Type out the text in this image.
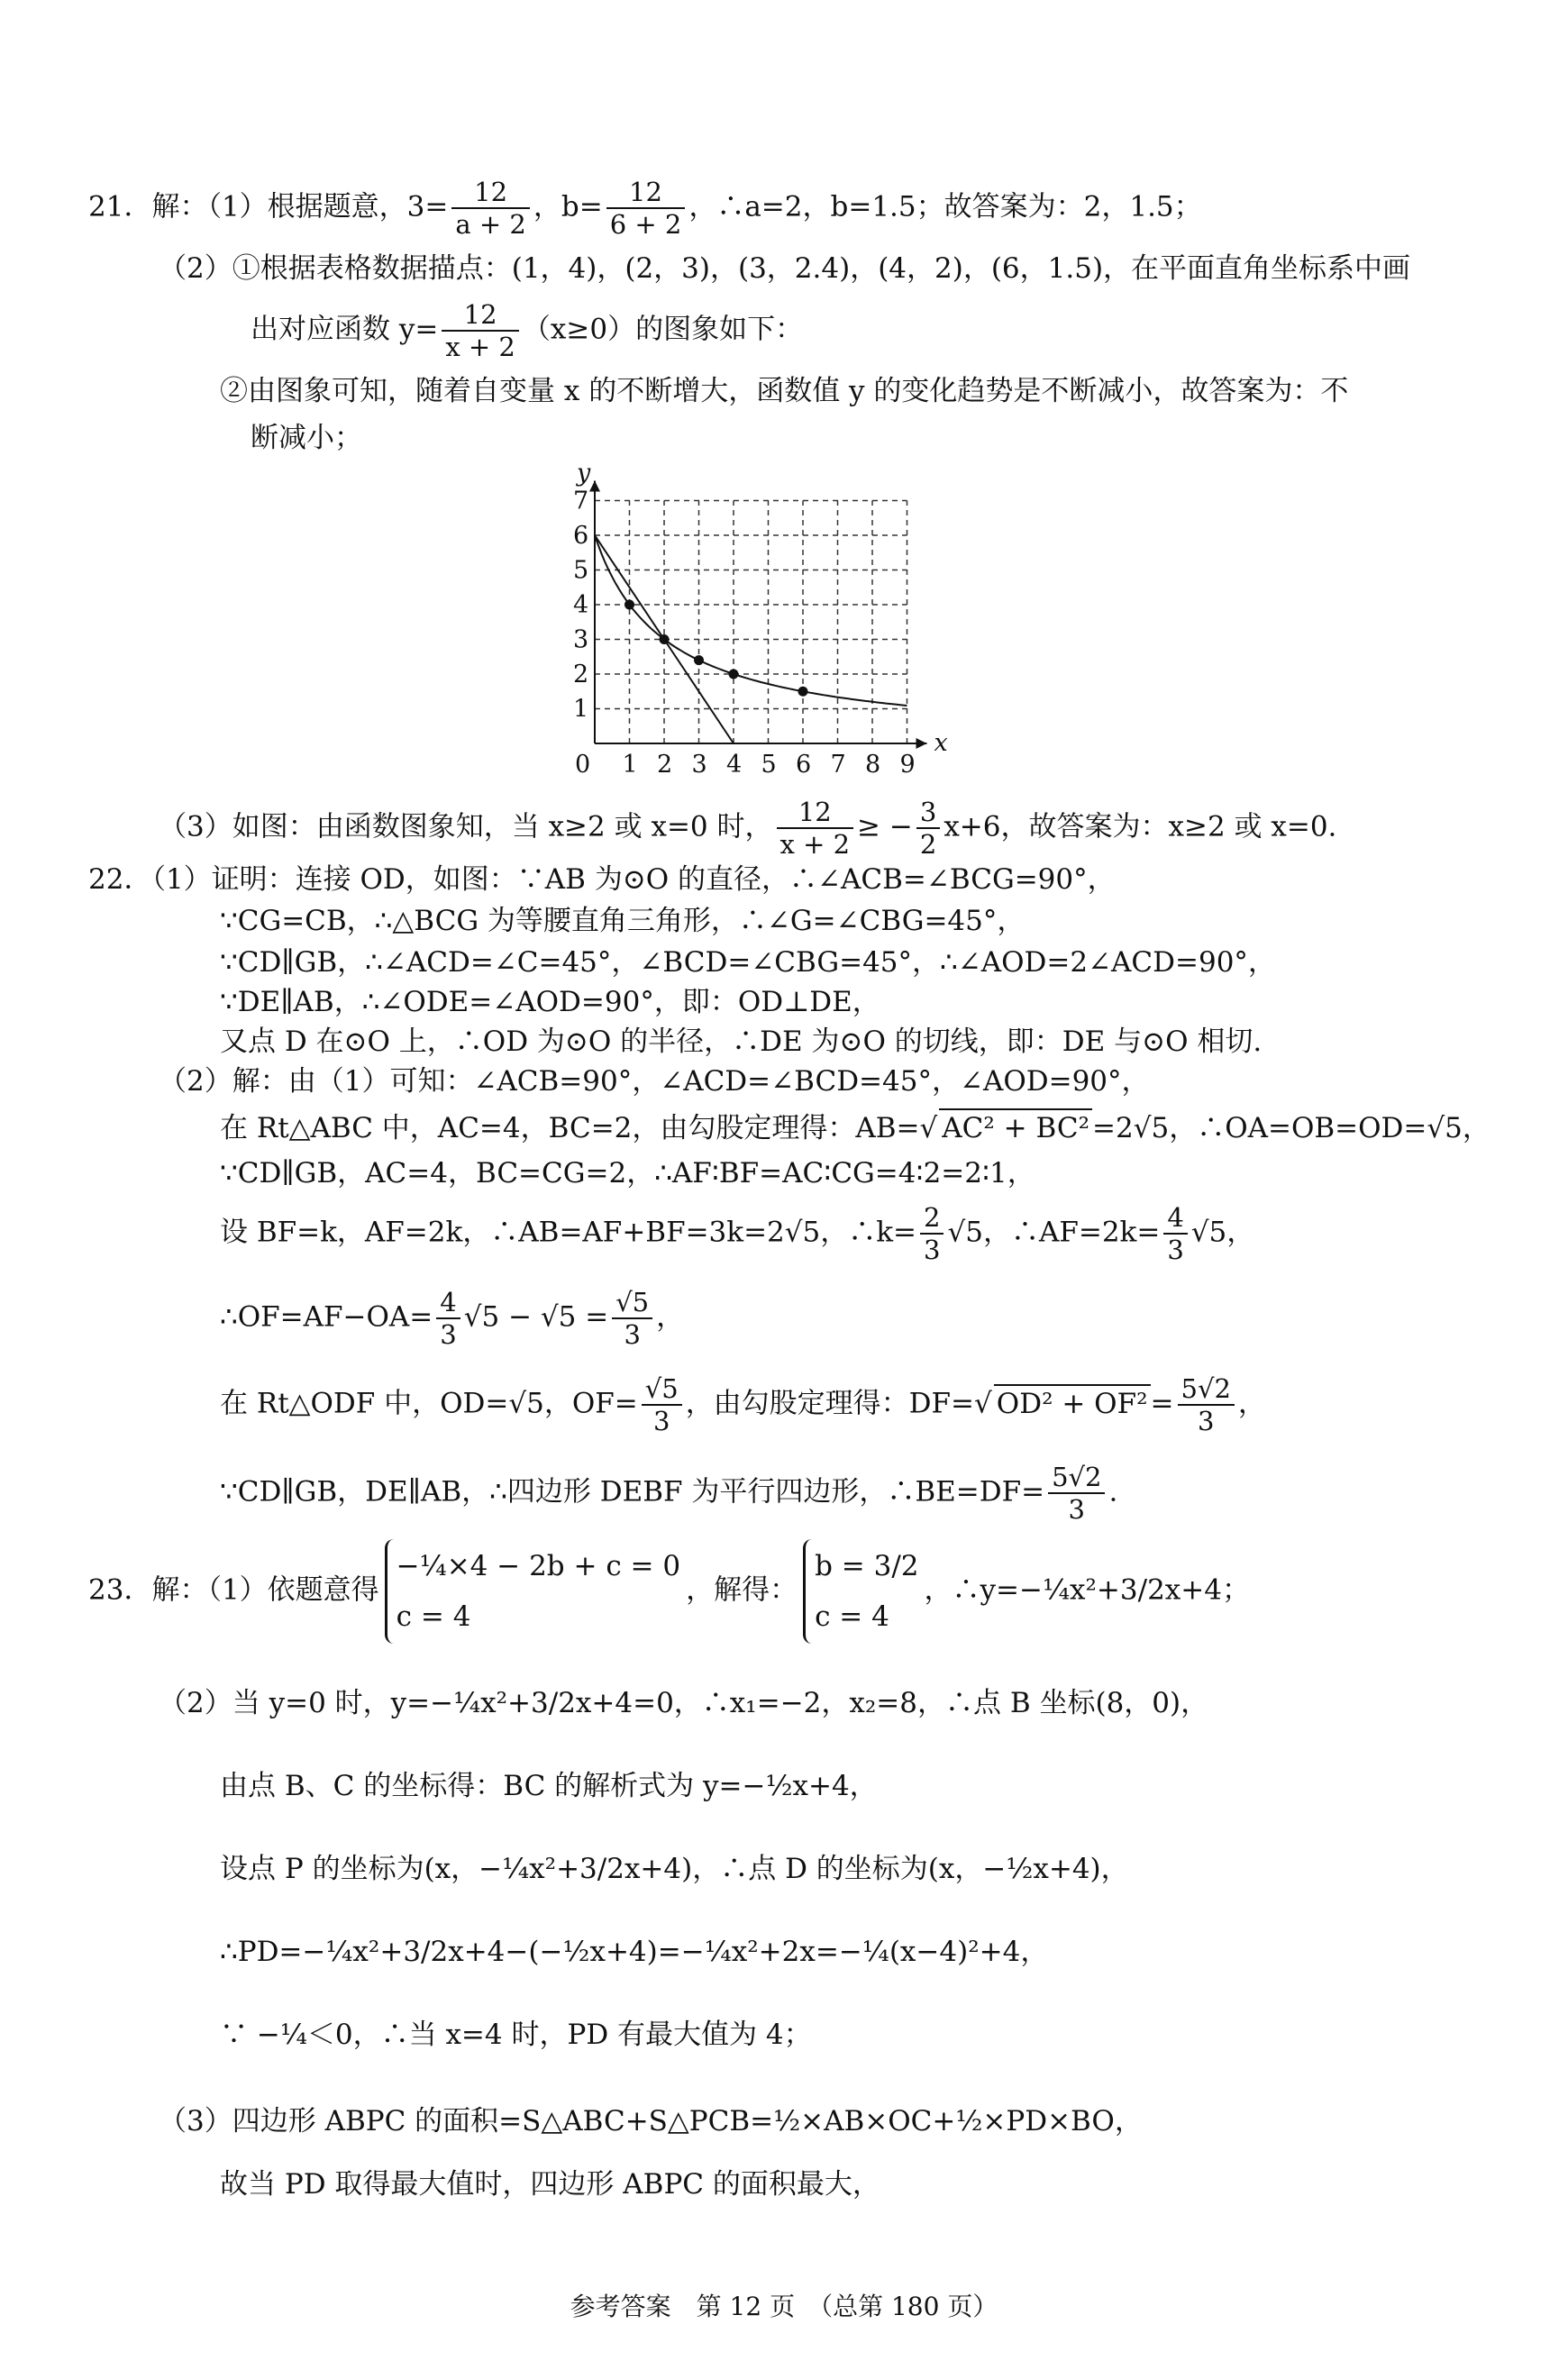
21．解：（1）根据题意，$3= \frac{12}{a + 2}$ ，$b= \frac{12}{6 + 2}$ ，∴a=2，b=1.5；故答案为：2，1.5；
（2）①根据表格数据描点：(1，4)，(2，3)，(3，2.4)，(4，2)，(6，1.5)，在平面直角坐标系中画
出对应函数 $y= \frac{12}{x + 2} (x\ge 0)$的图象如下：
②由图象可知，随着自变量 x 的不断增大，函数值 y 的变化趋势是不断减小，故答案为：不
断减小；
0 1 2 3 4 5 6 7 8 9
1
2
3
4
5
6
7
x
y
（3）如图：由函数图象知，当 x≥2 或 x=0 时， $\frac{12}{x + 2}$ ≥ − $\frac{3}{2} x+6$，故答案为：x≥2 或 x=0.
22．（1）证明：连接 OD，如图：∵AB 为⊙O 的直径，∴∠ACB=∠BCG=90°，
∵CG=CB，∴△BCG 为等腰直角三角形，∴∠G=∠CBG=45°，
∵CD∥GB，∴∠ACD=∠C=45°，∠BCD=∠CBG=45°，∴∠AOD=2∠ACD=90°，
∵DE∥AB，∴∠ODE=∠AOD=90°，即：OD⊥DE，
又点 D 在⊙O 上，∴OD 为⊙O 的半径，∴DE 为⊙O 的切线，即：DE 与⊙O 相切.
（2）解：由（1）可知：∠ACB=90°，∠ACD=∠BCD=45°，∠AOD=90°，
在 Rt△ABC 中，AC=4，BC=2，由勾股定理得：AB=√ AC² + BC²=2√5，∴OA=OB=OD=√5，
∵CD∥GB，AC=4，BC=CG=2，∴AF∶BF=AC∶CG=4∶2=2∶1，
设 BF=k，AF=2k，∴AB=AF+BF=3k=2√5，∴k= $\frac{2}{3} √5$，∴AF=2k= $\frac{4}{3} √5$，
∴OF=AF−OA= $\frac{4}{3} √5 - √5 = \frac{√5}{3}$ ，
在 Rt△ODF 中，OD=√5，$OF= \frac{√5}{3}$ ，由勾股定理得：DF=√ $OD^2 + OF^2= \frac{5√2}{3}$ ，
∵CD∥GB，DE∥AB，∴四边形 DEBF 为平行四边形，∴BE=DF= $\frac{5√2}{3}$ .
23．解：（1）依题意得
−¼×4 − 2b + c = 0
c = 4
，解得：
b = 3/2
c = 4
，∴y=−¼x²+3/2x+4；
（2）当 y=0 时，y=−¼x²+3/2x+4=0，∴x₁=−2，x₂=8，∴点 B 坐标(8，0)，
由点 B、C 的坐标得：BC 的解析式为 y=−½x+4，
设点 P 的坐标为(x，−¼x²+3/2x+4)，∴点 D 的坐标为(x，−½x+4)，
∴PD=−¼x²+3/2x+4−(−½x+4)=−¼x²+2x=−¼(x−4)²+4，
∵ −¼＜0，∴当 x=4 时，PD 有最大值为 4；
（3）四边形 ABPC 的面积=S△ABC+S△PCB=½×AB×OC+½×PD×BO，
故当 PD 取得最大值时，四边形 ABPC 的面积最大，
参考答案　第 12 页　（总第 180 页）
